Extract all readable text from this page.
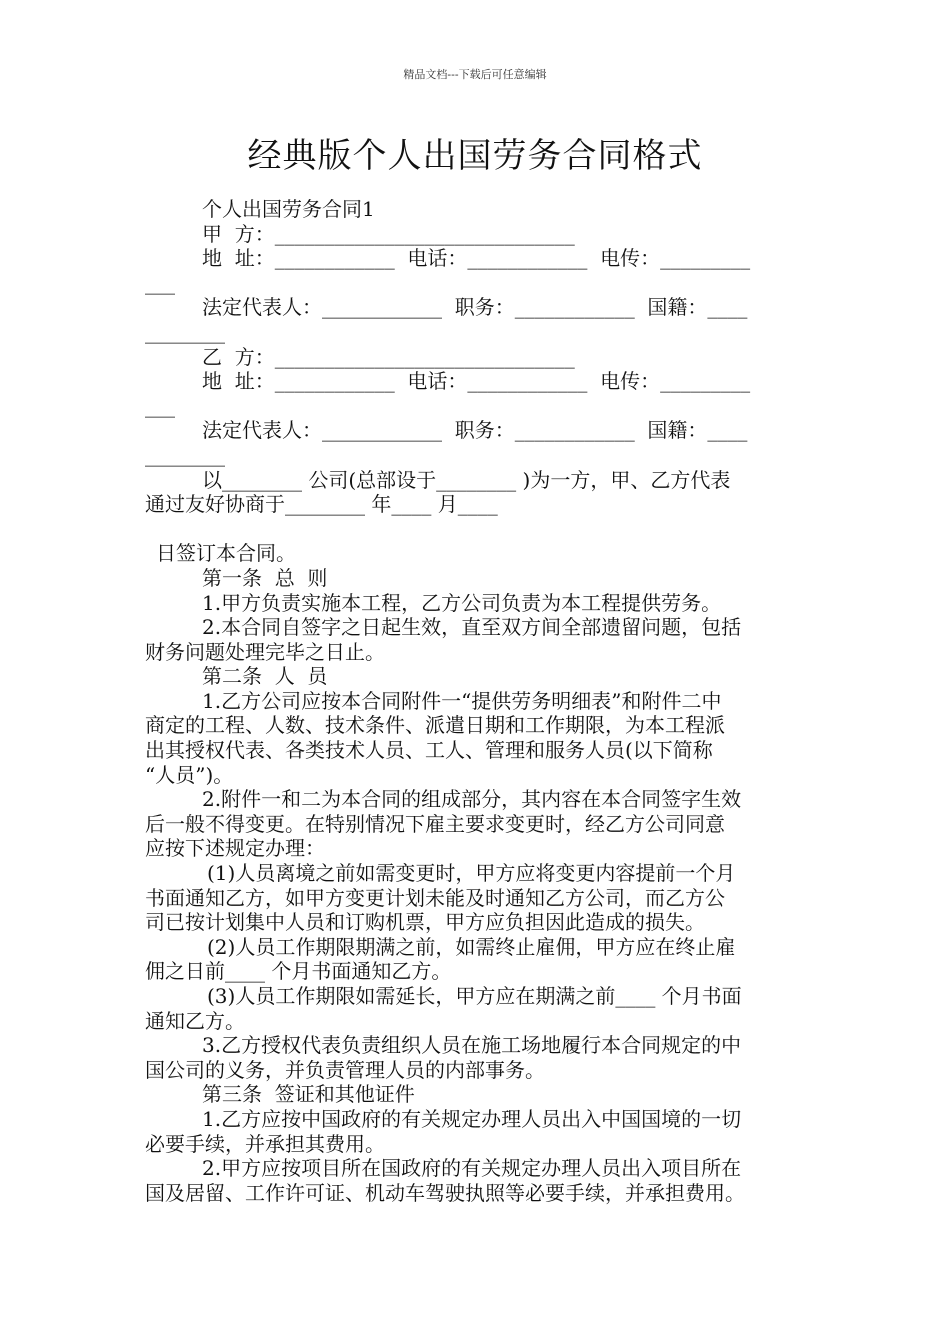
精品文档---下载后可任意编辑
经典版个人出国劳务合同格式

个人出国劳务合同1

甲  方：______________________________

地  址：____________  电话：____________  电传：_________

___

法定代表人：____________  职务：____________  国籍：____

________

乙  方：______________________________

地  址：____________  电话：____________  电传：_________

___

法定代表人：____________  职务：____________  国籍：____

________

以________ 公司(总部设于________ )为一方，甲、乙方代表

通过友好协商于________ 年____ 月____

日签订本合同。

第一条  总  则

1.甲方负责实施本工程，乙方公司负责为本工程提供劳务。

2.本合同自签字之日起生效，直至双方间全部遗留问题，包括

财务问题处理完毕之日止。

第二条  人  员

1.乙方公司应按本合同附件一“提供劳务明细表”和附件二中

商定的工程、人数、技术条件、派遣日期和工作期限，为本工程派

出其授权代表、各类技术人员、工人、管理和服务人员(以下简称

“人员”)。

2.附件一和二为本合同的组成部分，其内容在本合同签字生效

后一般不得变更。在特别情况下雇主要求变更时，经乙方公司同意

应按下述规定办理：

(1)人员离境之前如需变更时，甲方应将变更内容提前一个月

书面通知乙方，如甲方变更计划未能及时通知乙方公司，而乙方公

司已按计划集中人员和订购机票，甲方应负担因此造成的损失。

(2)人员工作期限期满之前，如需终止雇佣，甲方应在终止雇

佣之日前____ 个月书面通知乙方。

(3)人员工作期限如需延长，甲方应在期满之前____ 个月书面

通知乙方。

3.乙方授权代表负责组织人员在施工场地履行本合同规定的中

国公司的义务，并负责管理人员的内部事务。

第三条  签证和其他证件

1.乙方应按中国政府的有关规定办理人员出入中国国境的一切

必要手续，并承担其费用。

2.甲方应按项目所在国政府的有关规定办理人员出入项目所在

国及居留、工作许可证、机动车驾驶执照等必要手续，并承担费用。
